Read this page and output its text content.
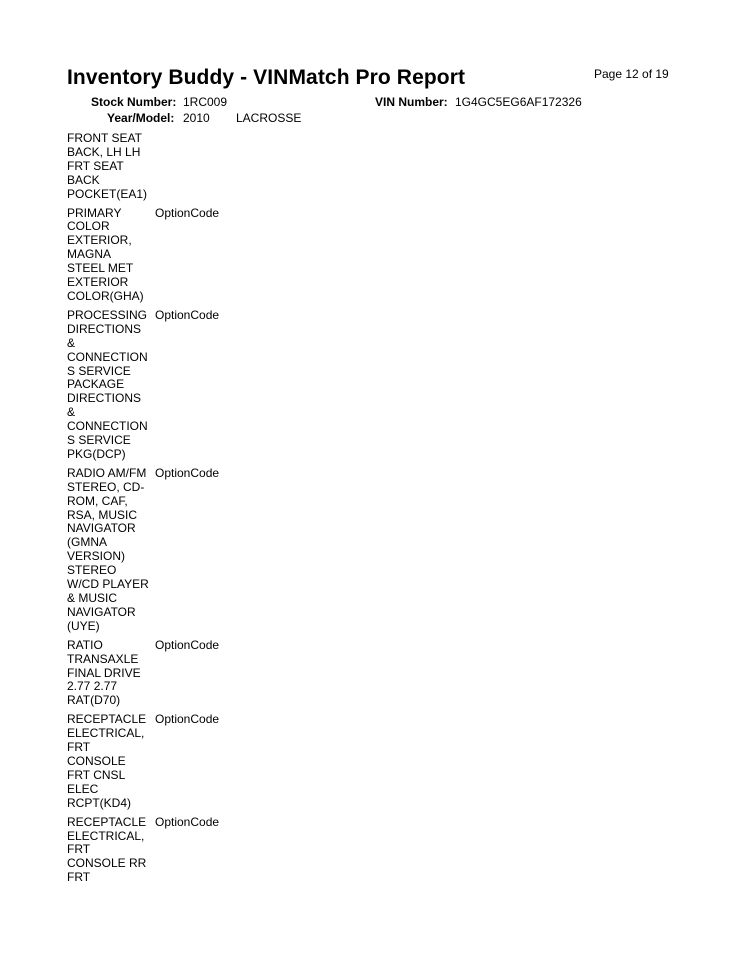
Inventory Buddy - VINMatch Pro Report	Page 12 of 19
Stock Number: 1RC009	VIN Number: 1G4GC5EG6AF172326
Year/Model: 2010 LACROSSE
FRONT SEAT
BACK, LH LH
FRT SEAT
BACK
POCKET(EA1)
PRIMARY
COLOR
EXTERIOR,
MAGNA
STEEL MET
EXTERIOR
COLOR(GHA)
OptionCode
PROCESSING
DIRECTIONS
&
CONNECTION
S SERVICE
PACKAGE
DIRECTIONS
&
CONNECTION
S SERVICE
PKG(DCP)
OptionCode
RADIO AM/FM
STEREO, CD-
ROM, CAF,
RSA, MUSIC
NAVIGATOR
(GMNA
VERSION)
STEREO
W/CD PLAYER
& MUSIC
NAVIGATOR
(UYE)
OptionCode
RATIO
TRANSAXLE
FINAL DRIVE
2.77 2.77
RAT(D70)
OptionCode
RECEPTACLE
ELECTRICAL,
FRT
CONSOLE
FRT CNSL
ELEC
RCPT(KD4)
OptionCode
RECEPTACLE
ELECTRICAL,
FRT
CONSOLE RR
FRT
OptionCode
